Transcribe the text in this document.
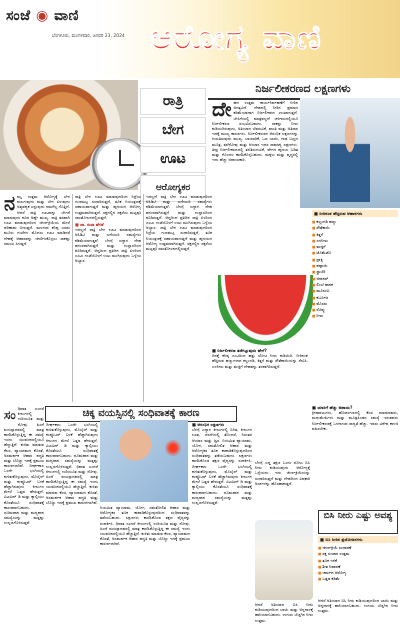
ಸಂಜೆ ◉ ವಾಣಿ
ಬೆಂಗಳೂರು, ಮಂಗಳವಾರ, ಜನವರಿ 23, 2024 ಆರೋಗ್ಯ ವಾಣಿ
ರಾತ್ರಿ
ಬೇಗ
ಊಟ
ಆರೋಗ್ಯಕರ
ನ ಮ್ಮ ಉತ್ತಮ ಆರೋಗ್ಯಕ್ಕೆ ಬೇಗ ಮಲಗುವುದು ಮತ್ತು ಬೇಗ ಏಳುವುದು ಅತ್ಯವಶ್ಯಕ ಎನ್ನುವುದು ನಮಗೆಲ್ಲ ಗೊತ್ತಿದೆ. ಆದರೆ ರಾತ್ರಿ ಊಟವನ್ನು ಬೇಗನೆ ಮಾಡುವುದು ಕೂಡ ಅಷ್ಟೇ ಮುಖ್ಯ. ರಾತ್ರಿ ತಡವಾಗಿ ಊಟ ಮಾಡುವುದರಿಂದ ಜೀರ್ಣಕ್ರಿಯೆಯ ಮೇಲೆ ಪರಿಣಾಮ ಬೀರುತ್ತದೆ. ಮಲಗುವ ಕನಿಷ್ಠ ಎರಡು ಮೂರು ಗಂಟೆಗಳ ಮೊದಲು ಊಟ ಮಾಡಿದರೆ ದೇಹಕ್ಕೆ ಆಹಾರವನ್ನು ಜೀರ್ಣಿಸಿಕೊಳ್ಳಲು ಸಾಕಷ್ಟು ಸಮಯ ಸಿಗುತ್ತದೆ.
ರಾತ್ರಿ ಬೇಗ ಊಟ ಮಾಡುವುದರಿಂದ ನಿದ್ರೆಯ ಗುಣಮಟ್ಟ ಸುಧಾರಿಸುತ್ತದೆ, ತೂಕ ನಿಯಂತ್ರಣಕ್ಕೆ ಸಹಾಯವಾಗುತ್ತದೆ ಮತ್ತು ಹೃದಯದ ಆರೋಗ್ಯ ಉತ್ತಮವಾಗಿರುತ್ತದೆ. ರಕ್ತದಲ್ಲಿನ ಸಕ್ಕರೆಯ ಮಟ್ಟವೂ ಸಮತೋಲನದಲ್ಲಿರುತ್ತದೆ.
■ ಡಾ. ಸುಧಾ ಹೆಗಡೆ
ಇದಲ್ಲದೆ ರಾತ್ರಿ ಬೇಗ ಊಟ ಮಾಡುವುದರಿಂದ ಆಸಿಡಿಟಿ ಮತ್ತು ಎದೆಯುರಿ ಸಮಸ್ಯೆಗಳು ಕಡಿಮೆಯಾಗುತ್ತವೆ. ಬೆಳಗ್ಗೆ ಎದ್ದಾಗ ದೇಹ ಹಗುರವಾಗಿರುತ್ತದೆ ಮತ್ತು ಉಲ್ಲಾಸದಿಂದ ಕೂಡಿರುತ್ತದೆ. ಆದ್ದರಿಂದ ಪ್ರತಿದಿನ ರಾತ್ರಿ ಏಳರಿಂದ ಎಂಟು ಗಂಟೆಯೊಳಗೆ ಊಟ ಮುಗಿಸುವುದು ಒಳ್ಳೆಯ ಅಭ್ಯಾಸ.
ಇದಲ್ಲದೆ ರಾತ್ರಿ ಬೇಗ ಊಟ ಮಾಡುವುದರಿಂದ ಆಸಿಡಿಟಿ ಮತ್ತು ಎದೆಯುರಿ ಸಮಸ್ಯೆಗಳು ಕಡಿಮೆಯಾಗುತ್ತವೆ. ಬೆಳಗ್ಗೆ ಎದ್ದಾಗ ದೇಹ ಹಗುರವಾಗಿರುತ್ತದೆ ಮತ್ತು ಉಲ್ಲಾಸದಿಂದ ಕೂಡಿರುತ್ತದೆ. ಆದ್ದರಿಂದ ಪ್ರತಿದಿನ ರಾತ್ರಿ ಏಳರಿಂದ ಎಂಟು ಗಂಟೆಯೊಳಗೆ ಊಟ ಮುಗಿಸುವುದು ಒಳ್ಳೆಯ ಅಭ್ಯಾಸ. ರಾತ್ರಿ ಬೇಗ ಊಟ ಮಾಡುವುದರಿಂದ ನಿದ್ರೆಯ ಗುಣಮಟ್ಟ ಸುಧಾರಿಸುತ್ತದೆ, ತೂಕ ನಿಯಂತ್ರಣಕ್ಕೆ ಸಹಾಯವಾಗುತ್ತದೆ ಮತ್ತು ಹೃದಯದ ಆರೋಗ್ಯ ಉತ್ತಮವಾಗಿರುತ್ತದೆ. ರಕ್ತದಲ್ಲಿನ ಸಕ್ಕರೆಯ ಮಟ್ಟವೂ ಸಮತೋಲನದಲ್ಲಿರುತ್ತದೆ.
ನಿರ್ಜಲೀಕರಣದ ಲಕ್ಷಣಗಳು
ದೇ ಹದ ಉತ್ತಮ ಕಾರ್ಯನಿರ್ವಹಣೆಗೆ ನೀರಿನ ಅಗತ್ಯವಿದೆ. ದೇಹದಲ್ಲಿ ನೀರಿನ ಪ್ರಮಾಣ ಕಡಿಮೆಯಾದಾಗ ನಿರ್ಜಲೀಕರಣ ಉಂಟಾಗುತ್ತದೆ. ಬೇಸಿಗೆಯಲ್ಲಿ ಮಾತ್ರವಲ್ಲದೆ ಚಳಿಗಾಲದಲ್ಲಿಯೂ ನಿರ್ಜಲೀಕರಣ ಸಂಭವಿಸಬಹುದು. ಸಾಕಷ್ಟು ನೀರು ಕುಡಿಯದಿರುವುದು, ಅತಿಯಾದ ಬೆವರುವಿಕೆ, ವಾಂತಿ ಮತ್ತು ಅತಿಸಾರ ಇದಕ್ಕೆ ಮುಖ್ಯ ಕಾರಣಗಳು. ನಿರ್ಜಲೀಕರಣದ ಆರಂಭಿಕ ಲಕ್ಷಣಗಳನ್ನು ಗುರುತಿಸುವುದು ಮುಖ್ಯ. ಬಾಯಾರಿಕೆ, ಒಣ ಬಾಯಿ, ಗಾಢ ಬಣ್ಣದ ಮೂತ್ರ, ತಲೆನೋವು ಮತ್ತು ಆಯಾಸ ಇದರ ಸಾಮಾನ್ಯ ಲಕ್ಷಣಗಳು. ತೀವ್ರ ನಿರ್ಜಲೀಕರಣದಲ್ಲಿ ತಲೆತಿರುಗುವಿಕೆ, ವೇಗದ ಹೃದಯ ಬಡಿತ ಮತ್ತು ಗೊಂದಲ ಕಾಣಿಸಿಕೊಳ್ಳಬಹುದು. ಮಕ್ಕಳು ಮತ್ತು ವೃದ್ಧರಲ್ಲಿ ಇದು ಹೆಚ್ಚು ಅಪಾಯಕಾರಿ.
■ ನಿರ್ಜಲೀಕರಣ ತಡೆಗಟ್ಟುವುದು ಹೇಗೆ?
ದಿನಕ್ಕೆ ಕನಿಷ್ಠ ಎಂಟರಿಂದ ಹತ್ತು ಲೋಟ ನೀರು ಕುಡಿಯಿರಿ. ನೀರಿನಂಶ ಹೆಚ್ಚಿರುವ ಹಣ್ಣುಗಳಾದ ಕಲ್ಲಂಗಡಿ, ಕಿತ್ತಳೆ ಮತ್ತು ಸೌತೆಕಾಯಿಯನ್ನು ಸೇವಿಸಿ. ಎಳನೀರು ಮತ್ತು ಮಜ್ಜಿಗೆ ದೇಹವನ್ನು ತಂಪಾಗಿರಿಸುತ್ತದೆ.
■ ನೀರಿನಂಶ ಹೆಚ್ಚಿರುವ ಆಹಾರಗಳು
■ ಕಲ್ಲಂಗಡಿ ಹಣ್ಣು
■ ಸೌತೆಕಾಯಿ
■ ಕಿತ್ತಳೆ
■ ಎಳನೀರು
■ ಮಜ್ಜಿಗೆ
■ ಟೊಮೆಟೊ
■ ದ್ರಾಕ್ಷಿ
■ ಪಪ್ಪಾಯಿ
■ ಸ್ಟ್ರಾಬೆರಿ
■ ಅನಾನಸ್
■ ಲಿಂಬೆ ಪಾನಕ
■ ಮೂಸಂಬಿ
■ ಕರ್ಬೂಜ
■ ಮೊಸರು
■ ಸೊಪ್ಪು
■ ನೀರು
■ ಯಾರಿಗೆ ಹೆಚ್ಚು ಅಪಾಯ?
ಕ್ರೀಡಾಪಟುಗಳು, ಹೊರಾಂಗಣದಲ್ಲಿ ಕೆಲಸ ಮಾಡುವವರು, ಮಧುಮೇಹಿಗಳು ಮತ್ತು ಮೂತ್ರಪಿಂಡದ ಸಮಸ್ಯೆ ಇರುವವರು ನಿರ್ಜಲೀಕರಣಕ್ಕೆ ಒಳಗಾಗುವ ಸಾಧ್ಯತೆ ಹೆಚ್ಚು. ಇವರು ವಿಶೇಷ ಕಾಳಜಿ ವಹಿಸಬೇಕು.
ಸಂ ಧಿವಾತ ಎಂದರೆ ಕೀಲುಗಳಲ್ಲಿ ಉರಿಯೂತ ಮತ್ತು ನೋವು. ಹಿಂದೆ ವಯಸ್ಸಾದವರಲ್ಲಿ ಮಾತ್ರ ಕಾಣಿಸಿಕೊಳ್ಳುತ್ತಿದ್ದ ಈ ಸಮಸ್ಯೆ ಇಂದು ಯುವಜನರಲ್ಲಿಯೂ ಹೆಚ್ಚುತ್ತಿದೆ. ಕುಳಿತು ಮಾಡುವ ಕೆಲಸ, ವ್ಯಾಯಾಮದ ಕೊರತೆ, ಅಸಮರ್ಪಕ ಆಹಾರ ಪದ್ಧತಿ ಮತ್ತು ಬೊಜ್ಜು ಇದಕ್ಕೆ ಪ್ರಮುಖ ಕಾರಣಗಳಾಗಿವೆ. ದೀರ್ಘಕಾಲ ಒಂದೇ ಭಂಗಿಯಲ್ಲಿ ಕುಳಿತುಕೊಳ್ಳುವುದು, ಮೊಬೈಲ್ ಮತ್ತು ಕಂಪ್ಯೂಟರ್ ಬಳಕೆ ಹೆಚ್ಚಾಗಿರುವುದು ಕೀಲುಗಳ ಮೇಲೆ ಒತ್ತಡ ಹೇರುತ್ತದೆ. ವಿಟಮಿನ್ ಡಿ ಮತ್ತು ಕ್ಯಾಲ್ಸಿಯಂ ಕೊರತೆಯೂ ಸಂಧಿವಾತಕ್ಕೆ ಕಾರಣವಾಗಬಹುದು. ಧೂಮಪಾನ ಮತ್ತು ಮದ್ಯಪಾನ ಸಮಸ್ಯೆಯನ್ನು ಮತ್ತಷ್ಟು ಉಲ್ಬಣಗೊಳಿಸುತ್ತವೆ.
ಚಿಕ್ಕ ವಯಸ್ಸಿನಲ್ಲಿ ಸಂಧಿವಾತಕ್ಕೆ ಕಾರಣ
ದೀರ್ಘಕಾಲ ಒಂದೇ ಭಂಗಿಯಲ್ಲಿ ಕುಳಿತುಕೊಳ್ಳುವುದು, ಮೊಬೈಲ್ ಮತ್ತು ಕಂಪ್ಯೂಟರ್ ಬಳಕೆ ಹೆಚ್ಚಾಗಿರುವುದು ಕೀಲುಗಳ ಮೇಲೆ ಒತ್ತಡ ಹೇರುತ್ತದೆ. ವಿಟಮಿನ್ ಡಿ ಮತ್ತು ಕ್ಯಾಲ್ಸಿಯಂ ಕೊರತೆಯೂ ಸಂಧಿವಾತಕ್ಕೆ ಕಾರಣವಾಗಬಹುದು. ಧೂಮಪಾನ ಮತ್ತು ಮದ್ಯಪಾನ ಸಮಸ್ಯೆಯನ್ನು ಮತ್ತಷ್ಟು ಉಲ್ಬಣಗೊಳಿಸುತ್ತವೆ. ಧಿವಾತ ಎಂದರೆ ಕೀಲುಗಳಲ್ಲಿ ಉರಿಯೂತ ಮತ್ತು ನೋವು. ಹಿಂದೆ ವಯಸ್ಸಾದವರಲ್ಲಿ ಮಾತ್ರ ಕಾಣಿಸಿಕೊಳ್ಳುತ್ತಿದ್ದ ಈ ಸಮಸ್ಯೆ ಇಂದು ಯುವಜನರಲ್ಲಿಯೂ ಹೆಚ್ಚುತ್ತಿದೆ. ಕುಳಿತು ಮಾಡುವ ಕೆಲಸ, ವ್ಯಾಯಾಮದ ಕೊರತೆ, ಅಸಮರ್ಪಕ ಆಹಾರ ಪದ್ಧತಿ ಮತ್ತು ಬೊಜ್ಜು ಇದಕ್ಕೆ ಪ್ರಮುಖ ಕಾರಣಗಳಾಗಿವೆ.
ನಿಯಮಿತ ವ್ಯಾಯಾಮ, ಯೋಗ, ಸಮತೋಲಿತ ಆಹಾರ ಮತ್ತು ಆರೋಗ್ಯಕರ ತೂಕ ಕಾಪಾಡಿಕೊಳ್ಳುವುದರಿಂದ ಸಂಧಿವಾತವನ್ನು ತಡೆಯಬಹುದು. ಲಕ್ಷಣಗಳು ಕಾಣಿಸಿಕೊಂಡ ತಕ್ಷಣ ವೈದ್ಯರನ್ನು ಸಂಪರ್ಕಿಸಿ. ಧಿವಾತ ಎಂದರೆ ಕೀಲುಗಳಲ್ಲಿ ಉರಿಯೂತ ಮತ್ತು ನೋವು. ಹಿಂದೆ ವಯಸ್ಸಾದವರಲ್ಲಿ ಮಾತ್ರ ಕಾಣಿಸಿಕೊಳ್ಳುತ್ತಿದ್ದ ಈ ಸಮಸ್ಯೆ ಇಂದು ಯುವಜನರಲ್ಲಿಯೂ ಹೆಚ್ಚುತ್ತಿದೆ. ಕುಳಿತು ಮಾಡುವ ಕೆಲಸ, ವ್ಯಾಯಾಮದ ಕೊರತೆ, ಅಸಮರ್ಪಕ ಆಹಾರ ಪದ್ಧತಿ ಮತ್ತು ಬೊಜ್ಜು ಇದಕ್ಕೆ ಪ್ರಮುಖ ಕಾರಣಗಳಾಗಿವೆ.
■ ಆರಂಭಿಕ ಲಕ್ಷಣಗಳು
ಬೆಳಗ್ಗೆ ಎದ್ದಾಗ ಕೀಲುಗಳಲ್ಲಿ ಬಿಗಿತ, ಕೀಲುಗಳ ಊತ, ಚಲನೆಯಲ್ಲಿ ತೊಂದರೆ, ನಿರಂತರ ಆಯಾಸ ಮತ್ತು ಜ್ವರ. ನಿಯಮಿತ ವ್ಯಾಯಾಮ, ಯೋಗ, ಸಮತೋಲಿತ ಆಹಾರ ಮತ್ತು ಆರೋಗ್ಯಕರ ತೂಕ ಕಾಪಾಡಿಕೊಳ್ಳುವುದರಿಂದ ಸಂಧಿವಾತವನ್ನು ತಡೆಯಬಹುದು. ಲಕ್ಷಣಗಳು ಕಾಣಿಸಿಕೊಂಡ ತಕ್ಷಣ ವೈದ್ಯರನ್ನು ಸಂಪರ್ಕಿಸಿ. ದೀರ್ಘಕಾಲ ಒಂದೇ ಭಂಗಿಯಲ್ಲಿ ಕುಳಿತುಕೊಳ್ಳುವುದು, ಮೊಬೈಲ್ ಮತ್ತು ಕಂಪ್ಯೂಟರ್ ಬಳಕೆ ಹೆಚ್ಚಾಗಿರುವುದು ಕೀಲುಗಳ ಮೇಲೆ ಒತ್ತಡ ಹೇರುತ್ತದೆ. ವಿಟಮಿನ್ ಡಿ ಮತ್ತು ಕ್ಯಾಲ್ಸಿಯಂ ಕೊರತೆಯೂ ಸಂಧಿವಾತಕ್ಕೆ ಕಾರಣವಾಗಬಹುದು. ಧೂಮಪಾನ ಮತ್ತು ಮದ್ಯಪಾನ ಸಮಸ್ಯೆಯನ್ನು ಮತ್ತಷ್ಟು ಉಲ್ಬಣಗೊಳಿಸುತ್ತವೆ.
ಬೆಳಗ್ಗೆ ಎದ್ದ ತಕ್ಷಣ ಒಂದು ಲೋಟ ಬಿಸಿ ನೀರು ಕುಡಿಯುವುದು ಆರೋಗ್ಯಕ್ಕೆ ಒಳ್ಳೆಯದು. ಇದು ಜೀರ್ಣಕ್ರಿಯೆಯನ್ನು ಸುಧಾರಿಸುತ್ತದೆ ಮತ್ತು ದೇಹದಿಂದ ವಿಷಕಾರಿ ಅಂಶಗಳನ್ನು ಹೊರಹಾಕುತ್ತದೆ.
ಬಿಸಿ ನೀರು ಎಷ್ಟು ಅವಶ್ಯ
■ ಬಿಸಿ ನೀರಿನ ಪ್ರಯೋಜನಗಳು
■ ಜೀರ್ಣಕ್ರಿಯೆ ಸುಧಾರಣೆ
■ ರಕ್ತ ಸಂಚಾರ ಉತ್ತಮ
■ ತೂಕ ಇಳಿಕೆ
■ ಶೀತ ನಿವಾರಣೆ
■ ಚರ್ಮದ ಆರೋಗ್ಯ
■ ಒತ್ತಡ ಕಡಿಮೆ
ಆದರೆ ಅತಿಯಾದ ಬಿಸಿ ನೀರು ಕುಡಿಯುವುದರಿಂದ ಬಾಯಿ ಮತ್ತು ಅನ್ನನಾಳಕ್ಕೆ ಹಾನಿಯಾಗಬಹುದು. ಉಗುರು ಬೆಚ್ಚಗಿನ ನೀರು ಉತ್ತಮ.
ಆದರೆ ಅತಿಯಾದ ಬಿಸಿ ನೀರು ಕುಡಿಯುವುದರಿಂದ ಬಾಯಿ ಮತ್ತು ಅನ್ನನಾಳಕ್ಕೆ ಹಾನಿಯಾಗಬಹುದು. ಉಗುರು ಬೆಚ್ಚಗಿನ ನೀರು ಉತ್ತಮ.
